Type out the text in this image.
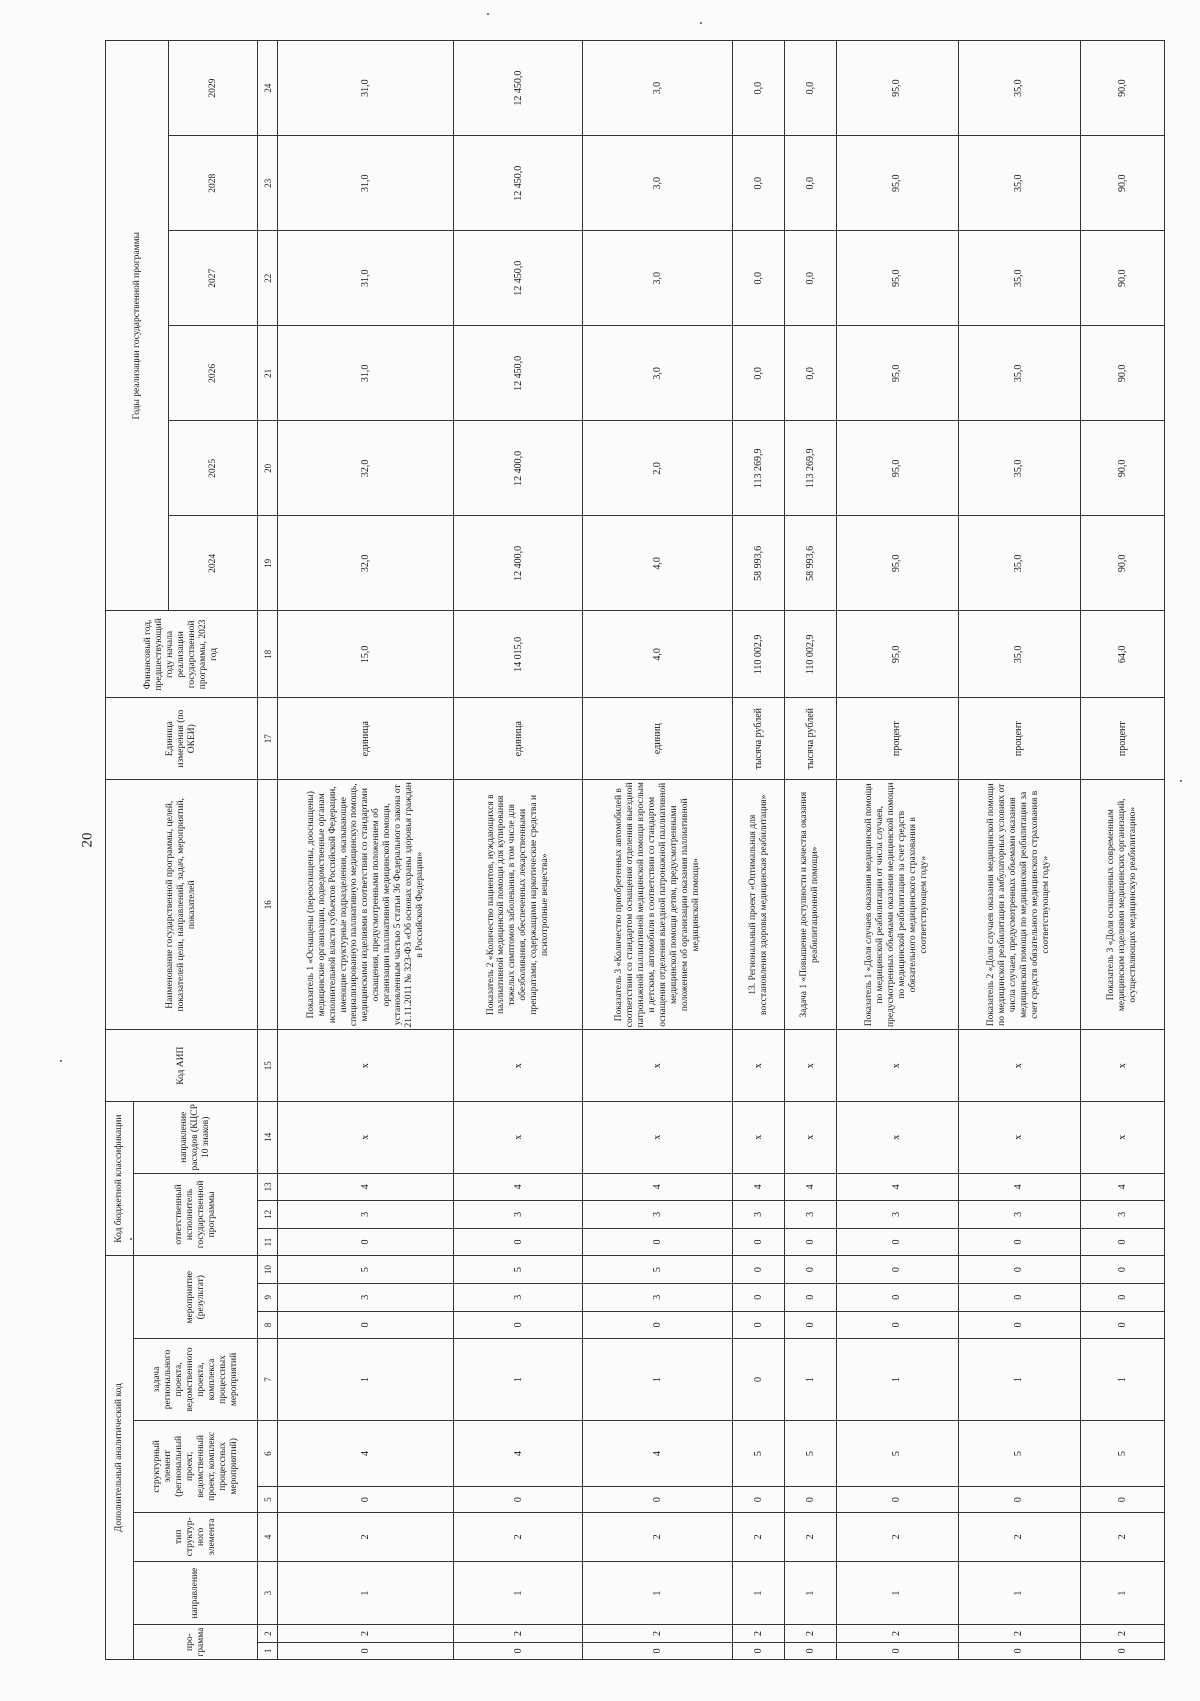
20
Дополнительный аналитический код										Код бюджетной классификации				Код АИП	Наименование государственной программы, целей, показателей цели, направлений, задач, мероприятий, показателей	Единица измерения (по ОКЕИ)	Финансовый год, предшествующий году начала реализации государственной программы, 2023 год	Годы реализации государственной программы					
про-грамма		направление	тип структур-ного элемента	структурный элемент (региональный проект, ведомственный проект, комплекс процессных мероприятий)		задача регионального проекта, ведомственного проекта, комплекса процессных мероприятий	мероприятие (результат)			ответственный исполнитель государственной программы			направление расходов (КЦСР 10 знаков)										
																		2024	2025	2026	2027	2028	2029
1	2	3	4	5	6	7	8	9	10	11	12	13	14	15	16	17	18	19	20	21	22	23	24
0	2	1	2	0	4	1	0	3	5	0	3	4	x	x	Показатель 1 «Оснащены (переоснащены, дооснащены) медицинские организации, подведомственные органам исполнительной власти субъектов Российской Федерации, имеющие структурные подразделения, оказывающие специализированную паллиативную медицинскую помощь, медицинскими изделиями в соответствии со стандартами оснащения, предусмотренными положением об организации паллиативной медицинской помощи, установленным частью 5 статьи 36 Федерального закона от 21.11.2011 № 323-ФЗ «Об основах охраны здоровья граждан в Российской Федерации»	единица	15,0	32,0	32,0	31,0	31,0	31,0	31,0
0	2	1	2	0	4	1	0	3	5	0	3	4	x	x	Показатель 2 «Количество пациентов, нуждающихся в паллиативной медицинской помощи для купирования тяжелых симптомов заболевания, в том числе для обезболивания, обеспеченных лекарственными препаратами, содержащими наркотические средства и психотропные вещества»	единица	14 015,0	12 400,0	12 400,0	12 450,0	12 450,0	12 450,0	12 450,0
0	2	1	2	0	4	1	0	3	5	0	3	4	x	x	Показатель 3 «Количество приобретенных автомобилей в соответствии со стандартом оснащения отделения выездной патронажной паллиативной медицинской помощи взрослым и детским, автомобили в соответствии со стандартом оснащения отделения выездной патронажной паллиативной медицинской помощи детям, предусмотренными положением об организации оказания паллиативной медицинской помощи»	единиц	4,0	4,0	2,0	3,0	3,0	3,0	3,0
0	2	1	2	0	5	0	0	0	0	0	3	4	x	x	13. Региональный проект «Оптимальная для восстановления здоровья медицинская реабилитация»	тысяча рублей	110 002,9	58 993,6	113 269,9	0,0	0,0	0,0	0,0
0	2	1	2	0	5	1	0	0	0	0	3	4	x	x	Задача 1 «Повышение доступности и качества оказания реабилитационной помощи»	тысяча рублей	110 002,9	58 993,6	113 269,9	0,0	0,0	0,0	0,0
0	2	1	2	0	5	1	0	0	0	0	3	4	x	x	Показатель 1 «Доля случаев оказания медицинской помощи по медицинской реабилитации от числа случаев, предусмотренных объемами оказания медицинской помощи по медицинской реабилитации за счет средств обязательного медицинского страхования в соответствующем году»	процент	95,0	95,0	95,0	95,0	95,0	95,0	95,0
0	2	1	2	0	5	1	0	0	0	0	3	4	x	x	Показатель 2 «Доля случаев оказания медицинской помощи по медицинской реабилитации в амбулаторных условиях от числа случаев, предусмотренных объемами оказания медицинской помощи по медицинской реабилитации за счет средств обязательного медицинского страхования в соответствующем году»	процент	35,0	35,0	35,0	35,0	35,0	35,0	35,0
0	2	1	2	0	5	1	0	0	0	0	3	4	x	x	Показатель 3 «Доля оснащенных современным медицинским изделиями медицинских организаций, осуществляющих медицинскую реабилитацию»	процент	64,0	90,0	90,0	90,0	90,0	90,0	90,0
